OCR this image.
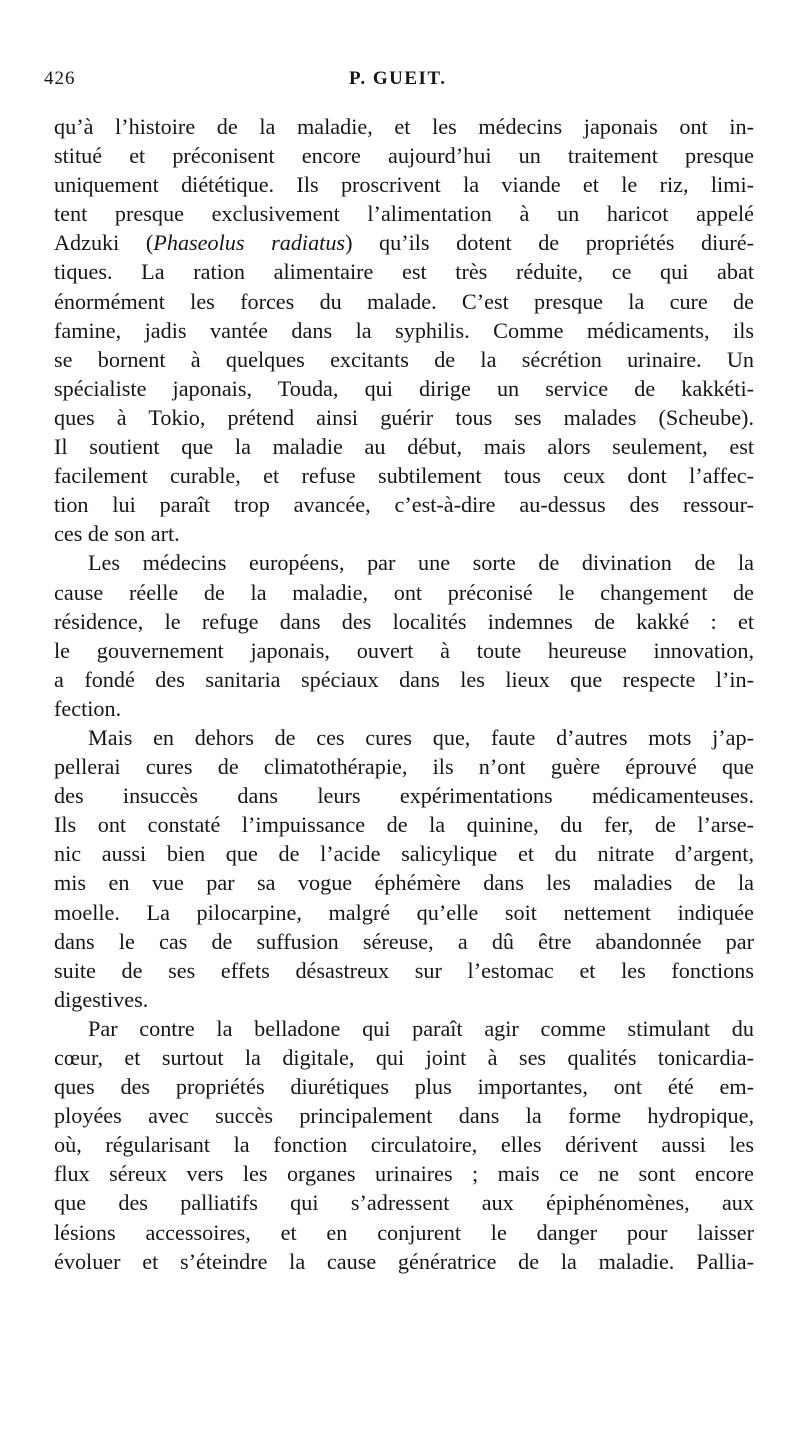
426	P. GUEIT.
qu’à l’histoire de la maladie, et les médecins japonais ont in-
stitué et préconisent encore aujourd’hui un traitement presque
uniquement diététique. Ils proscrivent la viande et le riz, limi-
tent presque exclusivement l’alimentation à un haricot appelé
Adzuki (Phaseolus radiatus) qu’ils dotent de propriétés diuré-
tiques. La ration alimentaire est très réduite, ce qui abat
énormément les forces du malade. C’est presque la cure de
famine, jadis vantée dans la syphilis. Comme médicaments, ils
se bornent à quelques excitants de la sécrétion urinaire. Un
spécialiste japonais, Touda, qui dirige un service de kakkéti-
ques à Tokio, prétend ainsi guérir tous ses malades (Scheube).
Il soutient que la maladie au début, mais alors seulement, est
facilement curable, et refuse subtilement tous ceux dont l’affec-
tion lui paraît trop avancée, c’est-à-dire au-dessus des ressour-
ces de son art.
Les médecins européens, par une sorte de divination de la
cause réelle de la maladie, ont préconisé le changement de
résidence, le refuge dans des localités indemnes de kakké : et
le gouvernement japonais, ouvert à toute heureuse innovation,
a fondé des sanitaria spéciaux dans les lieux que respecte l’in-
fection.
Mais en dehors de ces cures que, faute d’autres mots j’ap-
pellerai cures de climatothérapie, ils n’ont guère éprouvé que
des insuccès dans leurs expérimentations médicamenteuses.
Ils ont constaté l’impuissance de la quinine, du fer, de l’arse-
nic aussi bien que de l’acide salicylique et du nitrate d’argent,
mis en vue par sa vogue éphémère dans les maladies de la
moelle. La pilocarpine, malgré qu’elle soit nettement indiquée
dans le cas de suffusion séreuse, a dû être abandonnée par
suite de ses effets désastreux sur l’estomac et les fonctions
digestives.
Par contre la belladone qui paraît agir comme stimulant du
cœur, et surtout la digitale, qui joint à ses qualités tonicardia-
ques des propriétés diurétiques plus importantes, ont été em-
ployées avec succès principalement dans la forme hydropique,
où, régularisant la fonction circulatoire, elles dérivent aussi les
flux séreux vers les organes urinaires ; mais ce ne sont encore
que des palliatifs qui s’adressent aux épiphénomènes, aux
lésions accessoires, et en conjurent le danger pour laisser
évoluer et s’éteindre la cause génératrice de la maladie. Pallia-
